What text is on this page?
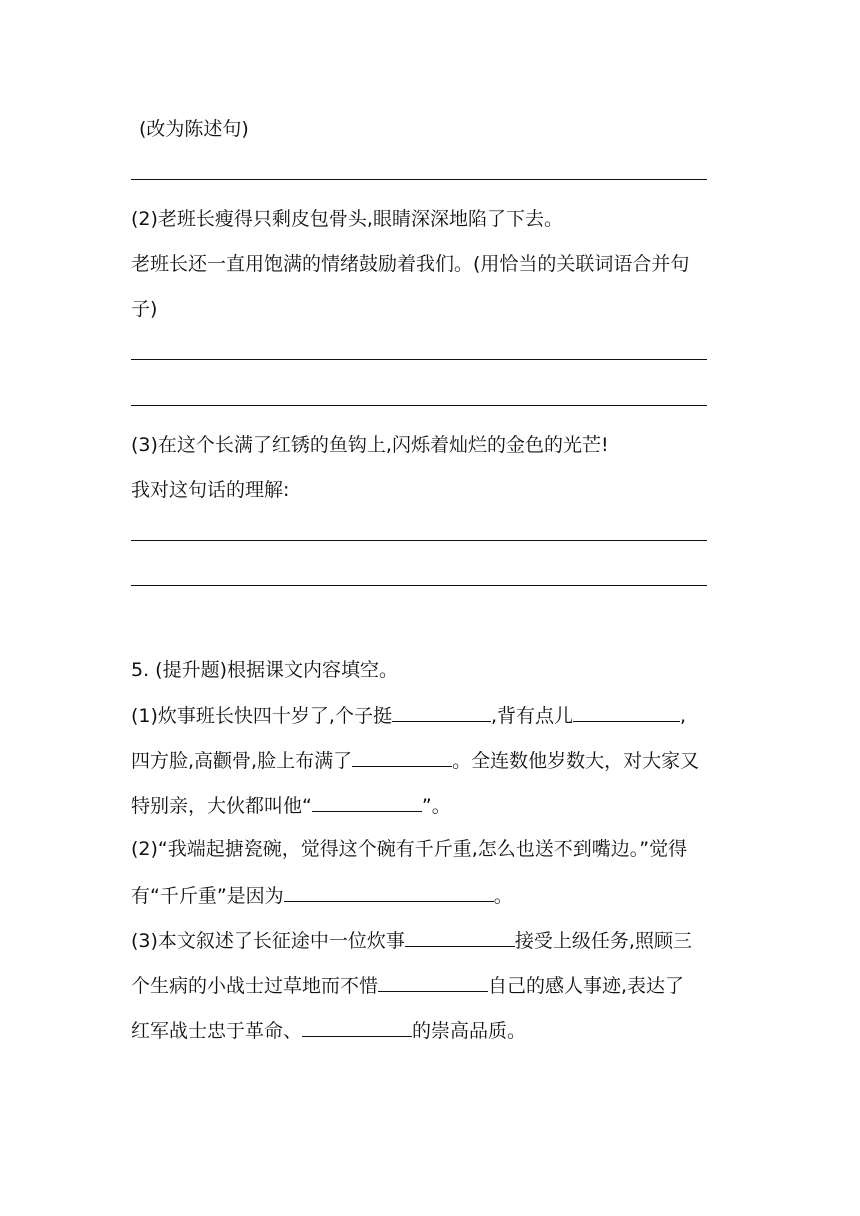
(改为陈述句)
(2)老班长瘦得只剩皮包骨头,眼睛深深地陷了下去。
老班长还一直用饱满的情绪鼓励着我们。(用恰当的关联词语合并句
子)
(3)在这个长满了红锈的鱼钩上,闪烁着灿烂的金色的光芒!
我对这句话的理解:
5. (提升题)根据课文内容填空。
(1)炊事班长快四十岁了,个子挺	,背有点儿	,
四方脸,高颧骨,脸上布满了	。全连数他岁数大，对大家又
特别亲，大伙都叫他“	”。
(2)“我端起搪瓷碗，觉得这个碗有千斤重,怎么也送不到嘴边。”觉得
有“千斤重”是因为	。
(3)本文叙述了长征途中一位炊事	接受上级任务,照顾三
个生病的小战士过草地而不惜	自己的感人事迹,表达了
红军战士忠于革命、	的崇高品质。
